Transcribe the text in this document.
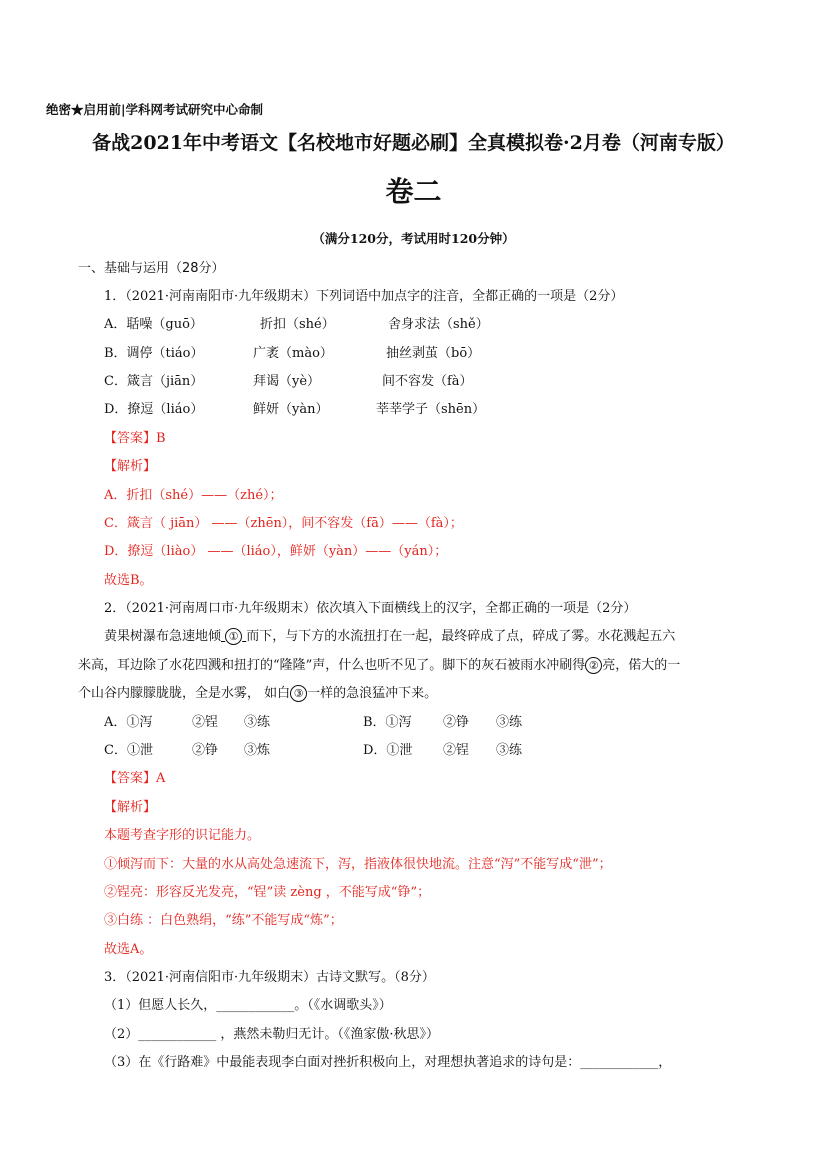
绝密★启用前|学科网考试研究中心命制
备战2021年中考语文【名校地市好题必刷】全真模拟卷·2月卷（河南专版）
卷二
（满分120分，考试用时120分钟）
一、基础与运用（28分）
1．（2021·河南南阳市·九年级期末）下列词语中加点字的注音，全都正确的一项是（2分）
A．聒噪（guō）	折扣（shé）	舍身求法（shě）
B．调停（tiáo）	广袤（mào）	抽丝剥茧（bō）
C．箴言（jiān）	拜谒（yè）	间不容发（fà）
D．撩逗（liáo）	鲜妍（yàn）	莘莘学子（shēn）
【答案】B
【解析】
A．折扣（shé）——（zhé）；
C．箴言（ jiān） ——（zhēn），间不容发（fā）——（fà）；
D．撩逗（liào） ——（liáo），鲜妍（yàn）——（yán）；
故选B。
2．（2021·河南周口市·九年级期末）依次填入下面横线上的汉字，全都正确的一项是（2分）
黄果树瀑布急速地倾 ① 而下，与下方的水流扭打在一起，最终碎成了点，碎成了雾。水花溅起五六
米高，耳边除了水花四溅和扭打的“隆隆”声，什么也听不见了。脚下的灰石被雨水冲刷得 ② 亮，偌大的一
个山谷内朦朦胧胧，全是水雾， 如白 ③ 一样的急浪猛冲下来。
A．①泻	②锃 ③练	B．①泻 ②铮 ③练
C．①泄	②铮 ③炼	D．①泄 ②锃 ③练
【答案】A
【解析】
本题考查字形的识记能力。
①倾泻而下：大量的水从高处急速流下，泻，指液体很快地流。注意“泻”不能写成“泄”；
②锃亮：形容反光发亮，“锃”读 zèng ，不能写成“铮”；
③白练 ：白色熟绢，“练”不能写成“炼”；
故选A。
3．（2021·河南信阳市·九年级期末）古诗文默写。（8分）
（1）但愿人长久，____________。（《水调歌头》）
（2）____________ ，燕然未勒归无计。（《渔家傲·秋思》）
（3）在《行路难》中最能表现李白面对挫折积极向上，对理想执著追求的诗句是：____________，
